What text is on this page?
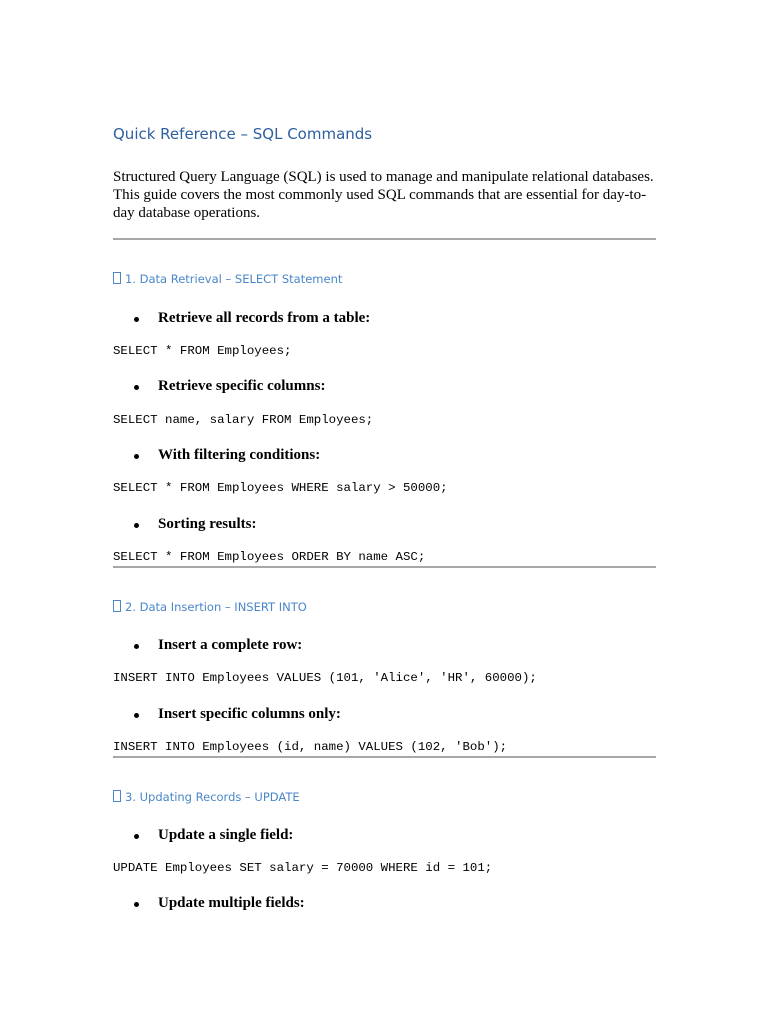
Quick Reference – SQL Commands

Structured Query Language (SQL) is used to manage and manipulate relational databases. This guide covers the most commonly used SQL commands that are essential for day-to-day database operations.

1. Data Retrieval – SELECT Statement
Retrieve all records from a table:
SELECT * FROM Employees;
Retrieve specific columns:
SELECT name, salary FROM Employees;
With filtering conditions:
SELECT * FROM Employees WHERE salary > 50000;
Sorting results:
SELECT * FROM Employees ORDER BY name ASC;
2. Data Insertion – INSERT INTO
Insert a complete row:
INSERT INTO Employees VALUES (101, 'Alice', 'HR', 60000);
Insert specific columns only:
INSERT INTO Employees (id, name) VALUES (102, 'Bob');
3. Updating Records – UPDATE
Update a single field:
UPDATE Employees SET salary = 70000 WHERE id = 101;
Update multiple fields:
